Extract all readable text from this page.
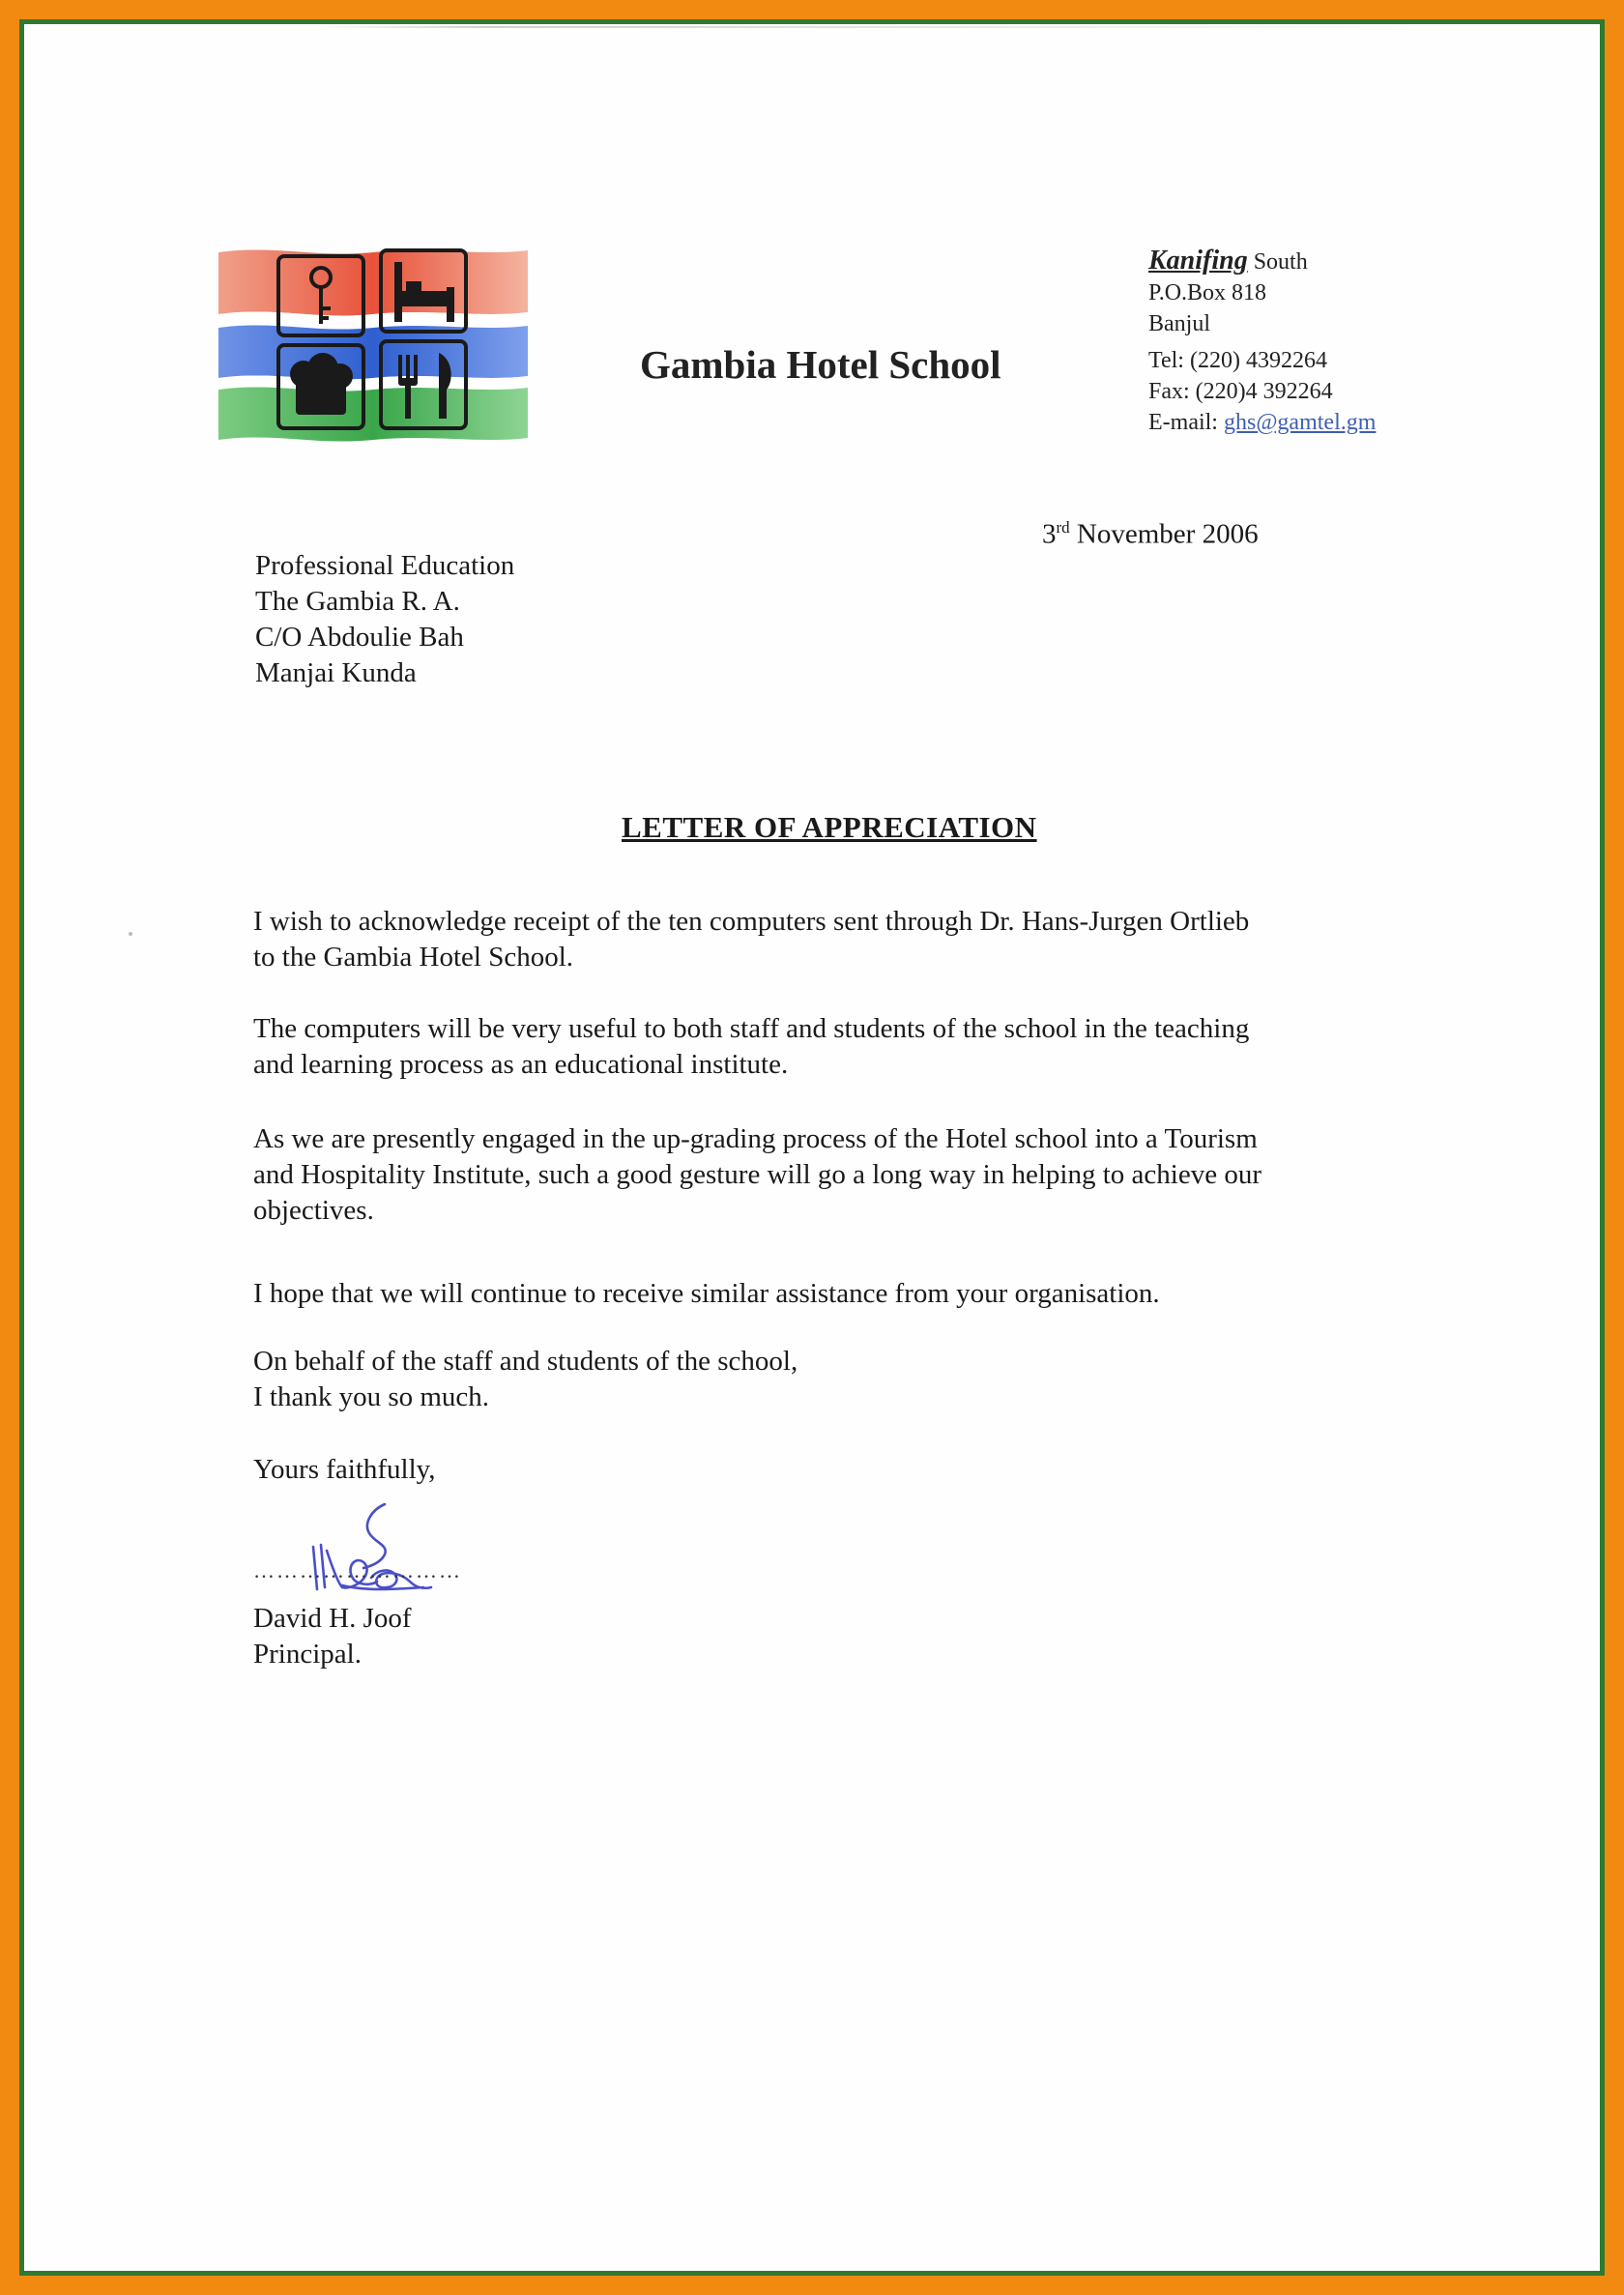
Gambia Hotel School
Kanifing South
P.O.Box 818
Banjul
Tel: (220) 4392264
Fax: (220)4 392264
E-mail: ghs@gamtel.gm
3rd November 2006
Professional Education
The Gambia R. A.
C/O Abdoulie Bah
Manjai Kunda
LETTER OF APPRECIATION
I wish to acknowledge receipt of the ten computers sent through Dr. Hans-Jurgen Ortlieb
to the Gambia Hotel School.
The computers will be very useful to both staff and students of the school in the teaching
and learning process as an educational institute.
As we are presently engaged in the up-grading process of the Hotel school into a Tourism
and Hospitality Institute, such a good gesture will go a long way in helping to achieve our
objectives.
I hope that we will continue to receive similar assistance from your organisation.
On behalf of the staff and students of the school,
I thank you so much.
Yours faithfully,
………………………
David H. Joof
Principal.
